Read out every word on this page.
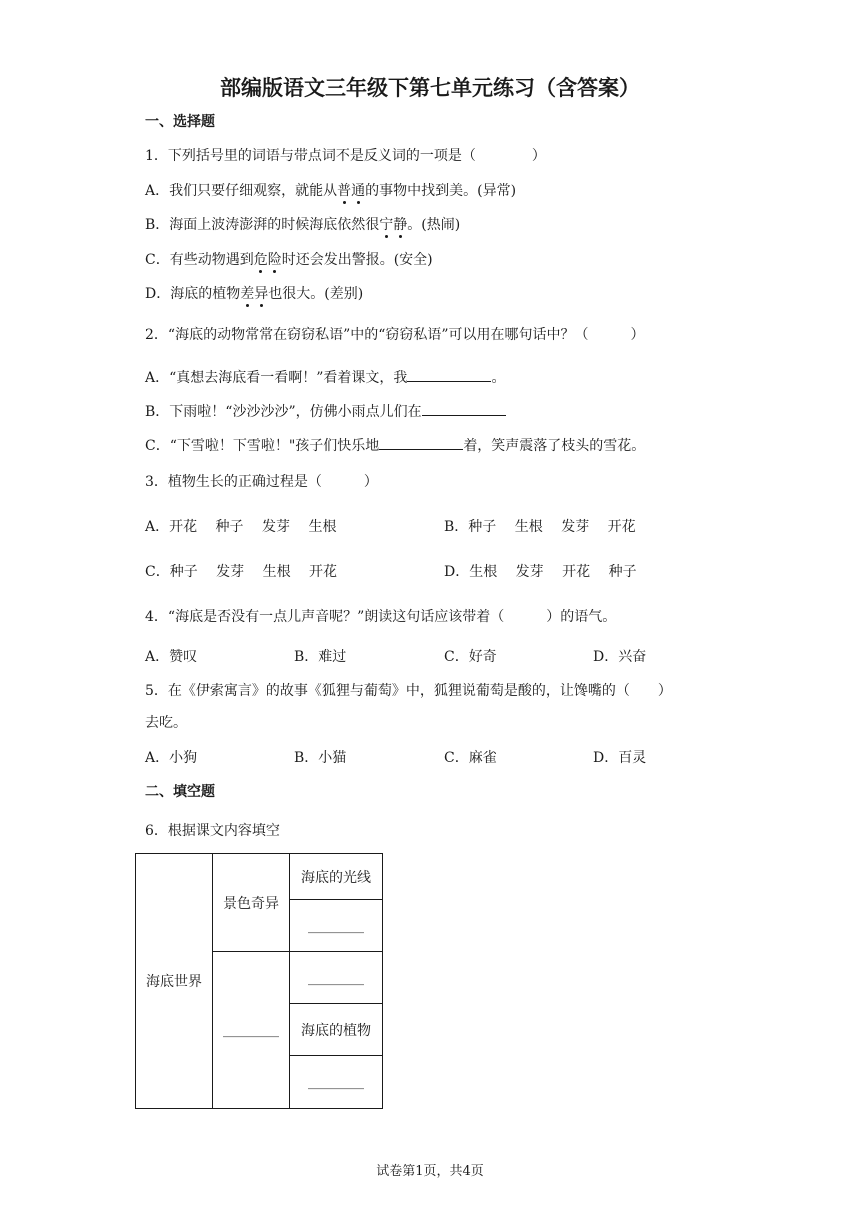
部编版语文三年级下第七单元练习（含答案）
一、选择题
1．下列括号里的词语与带点词不是反义词的一项是（　　　　）
A．我们只要仔细观察，就能从普通的事物中找到美。(异常)
B．海面上波涛澎湃的时候海底依然很宁静。(热闹)
C．有些动物遇到危险时还会发出警报。(安全)
D．海底的植物差异也很大。(差别)
2．“海底的动物常常在窃窃私语”中的“窃窃私语”可以用在哪句话中？（　　　）
A．“真想去海底看一看啊！”看着课文，我	。
B．下雨啦！“沙沙沙沙”，仿佛小雨点儿们在
C．“下雪啦！下雪啦！"孩子们快乐地	着，笑声震落了枝头的雪花。
3．植物生长的正确过程是（　　　）
A．开花　 种子　 发芽　 生根	B．种子　 生根　 发芽　 开花
C．种子　 发芽　 生根　 开花	D．生根　 发芽　 开花　 种子
4．“海底是否没有一点儿声音呢？”朗读这句话应该带着（　　　）的语气。
A．赞叹	B．难过	C．好奇	D．兴奋
5．在《伊索寓言》的故事《狐狸与葡萄》中，狐狸说葡萄是酸的，让馋嘴的（　　）
去吃。
A．小狗	B．小猫	C．麻雀	D．百灵
二、填空题
6．根据课文内容填空
海底世界	景色奇异	海底的光线
		________
	________	________
		海底的植物
		________
试卷第1页，共4页
